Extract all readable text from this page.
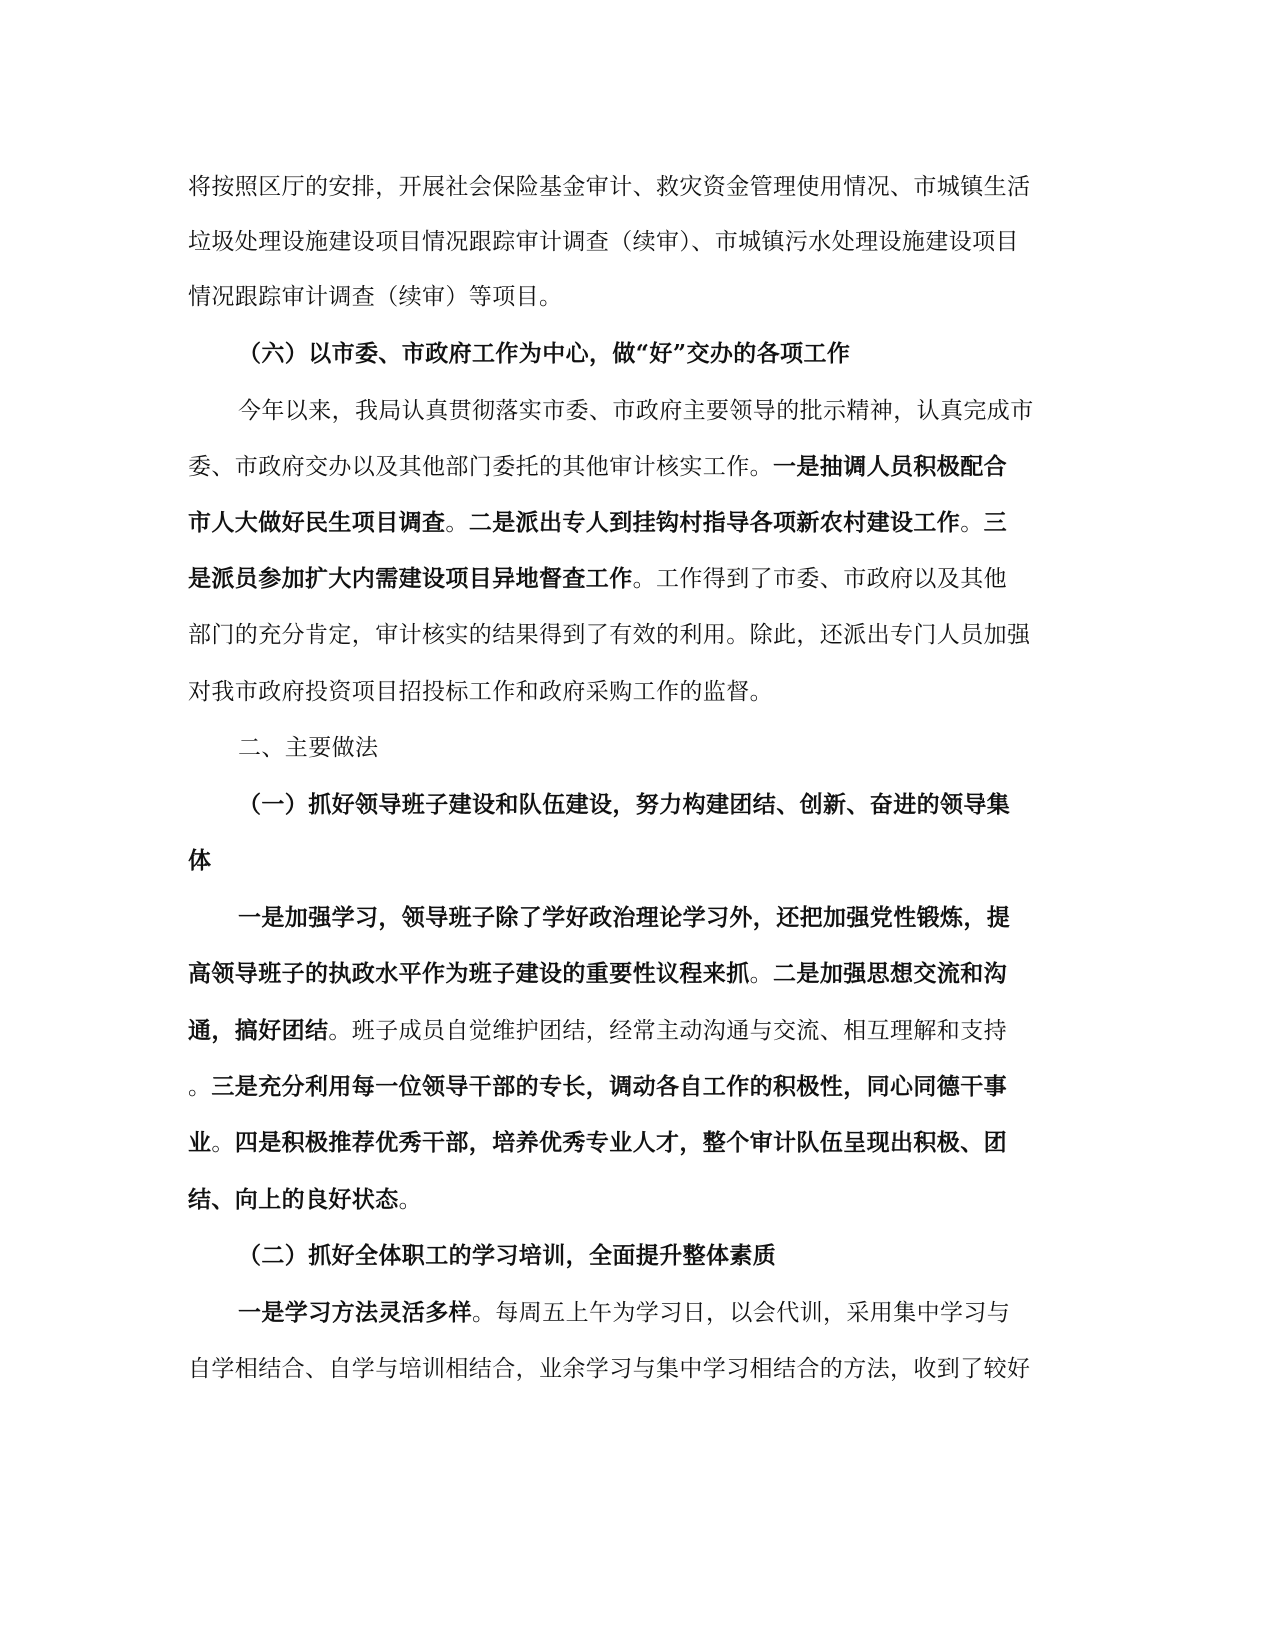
将按照区厅的安排，开展社会保险基金审计、救灾资金管理使用情况、市城镇生活
垃圾处理设施建设项目情况跟踪审计调查（续审）、市城镇污水处理设施建设项目
情况跟踪审计调查（续审）等项目。
（六）以市委、市政府工作为中心，做“好”交办的各项工作
今年以来，我局认真贯彻落实市委、市政府主要领导的批示精神，认真完成市
委、市政府交办以及其他部门委托的其他审计核实工作。一是抽调人员积极配合
市人大做好民生项目调查。二是派出专人到挂钩村指导各项新农村建设工作。三
是派员参加扩大内需建设项目异地督查工作。工作得到了市委、市政府以及其他
部门的充分肯定，审计核实的结果得到了有效的利用。除此，还派出专门人员加强
对我市政府投资项目招投标工作和政府采购工作的监督。
二、主要做法
（一）抓好领导班子建设和队伍建设，努力构建团结、创新、奋进的领导集
体
一是加强学习，领导班子除了学好政治理论学习外，还把加强党性锻炼，提
高领导班子的执政水平作为班子建设的重要性议程来抓。二是加强思想交流和沟
通，搞好团结。班子成员自觉维护团结，经常主动沟通与交流、相互理解和支持
。三是充分利用每一位领导干部的专长，调动各自工作的积极性，同心同德干事
业。四是积极推荐优秀干部，培养优秀专业人才，整个审计队伍呈现出积极、团
结、向上的良好状态。
（二）抓好全体职工的学习培训，全面提升整体素质
一是学习方法灵活多样。每周五上午为学习日，以会代训，采用集中学习与
自学相结合、自学与培训相结合，业余学习与集中学习相结合的方法，收到了较好
